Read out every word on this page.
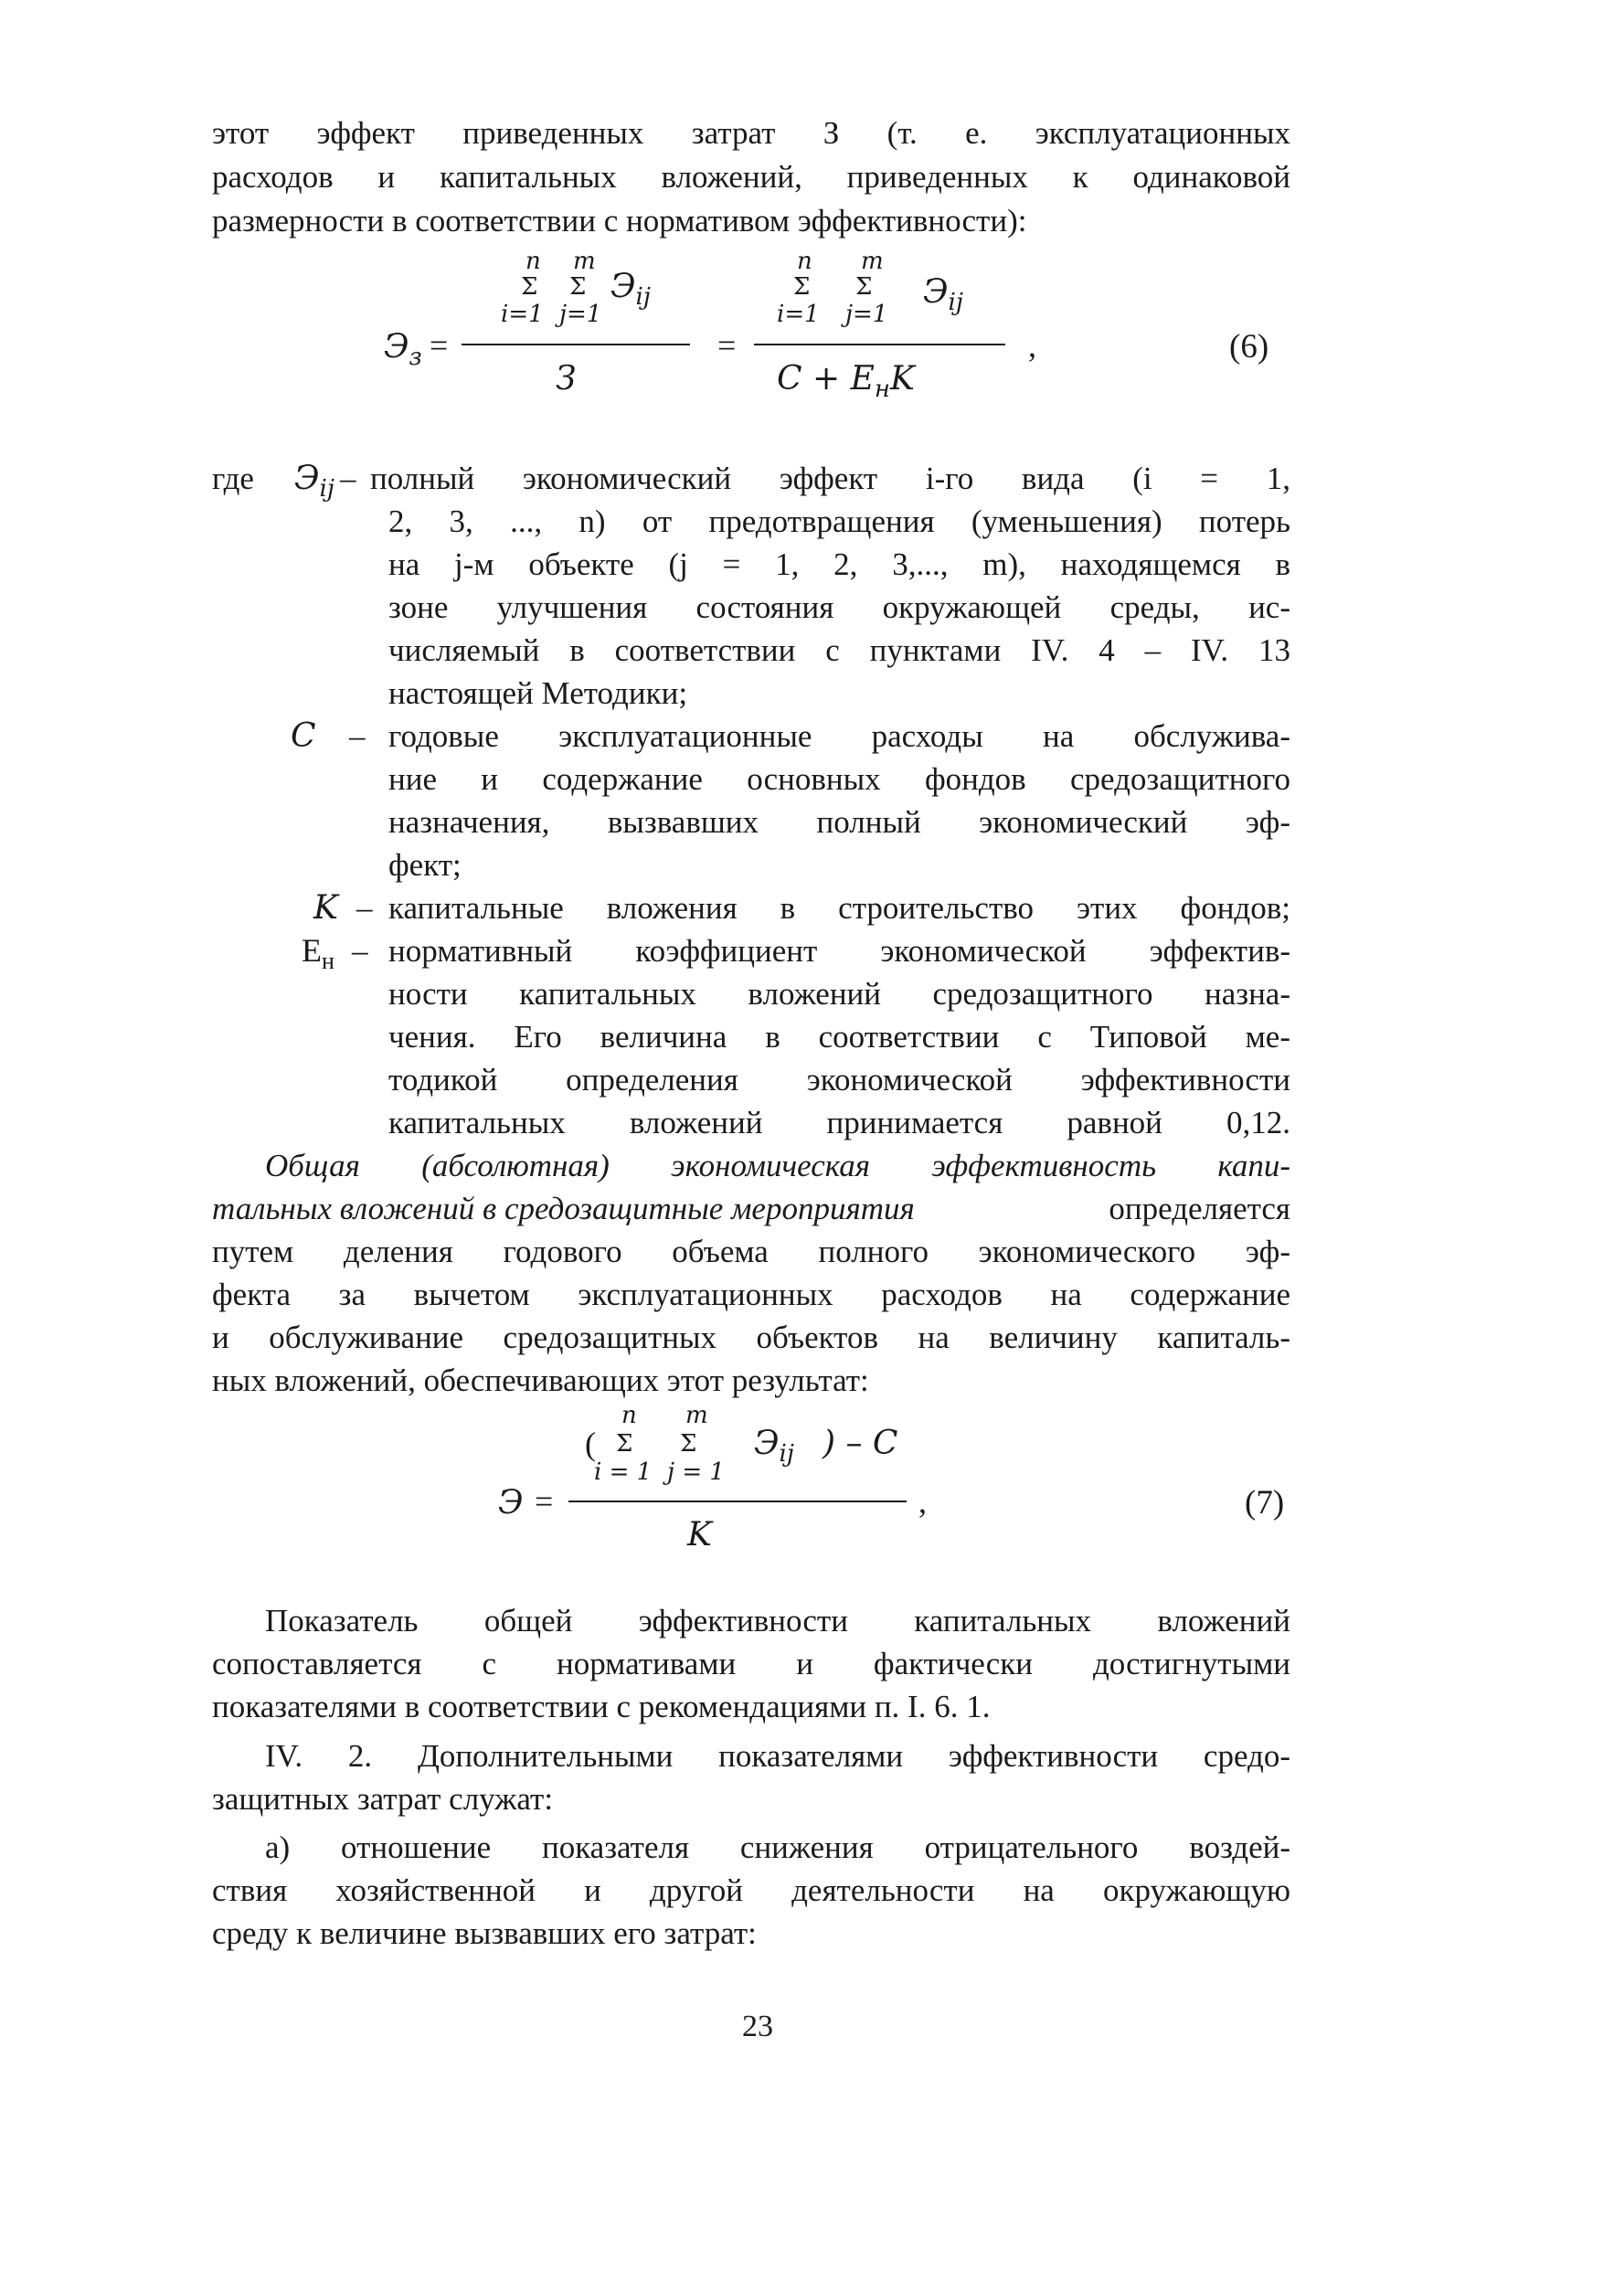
этот эффект приведенных затрат З (т. е. эксплуатационных
расходов и капитальных вложений, приведенных к одинаковой
размерности в соответствии с нормативом эффективности):
n m
Σ Σ $Э_{ij}$
i=1 j=1
$Э_з$ =
З
=
n m
Σ Σ $Э_{ij}$
i=1 j=1
$C + E_нK$
,	(6)
где $Э_{ij}$ – полный экономический эффект i-го вида (i = 1,
2, 3, ..., n) от предотвращения (уменьшения) потерь
на j-м объекте (j = 1, 2, 3,..., m), находящемся в
зоне улучшения состояния окружающей среды, ис-
числяемый в соответствии с пунктами IV. 4 – IV. 13
настоящей Методики;
C – годовые эксплуатационные расходы на обслужива-
ние и содержание основных фондов средозащитного
назначения, вызвавших полный экономический эф-
фект;
K – капитальные вложения в строительство этих фондов;
$E_н$ – нормативный коэффициент экономической эффектив-
ности капитальных вложений средозащитного назна-
чения. Его величина в соответствии с Типовой ме-
тодикой определения экономической эффективности
капитальных вложений принимается равной 0,12.
Общая (абсолютная) экономическая эффективность капи-
тальных вложений в средозащитные мероприятия	определяется
путем деления годового объема полного экономического эф-
фекта за вычетом эксплуатационных расходов на содержание
и обслуживание средозащитных объектов на величину капиталь-
ных вложений, обеспечивающих этот результат:
n m
( Σ Σ $Э_{ij}$ ) – C
i = 1 j = 1
Э =
K
,	(7)
Показатель общей эффективности капитальных вложений
сопоставляется с нормативами и фактически достигнутыми
показателями в соответствии с рекомендациями п. I. 6. 1.
IV. 2. Дополнительными показателями эффективности средо-
защитных затрат служат:
а) отношение показателя снижения отрицательного воздей-
ствия хозяйственной и другой деятельности на окружающую
среду к величине вызвавших его затрат:
23
